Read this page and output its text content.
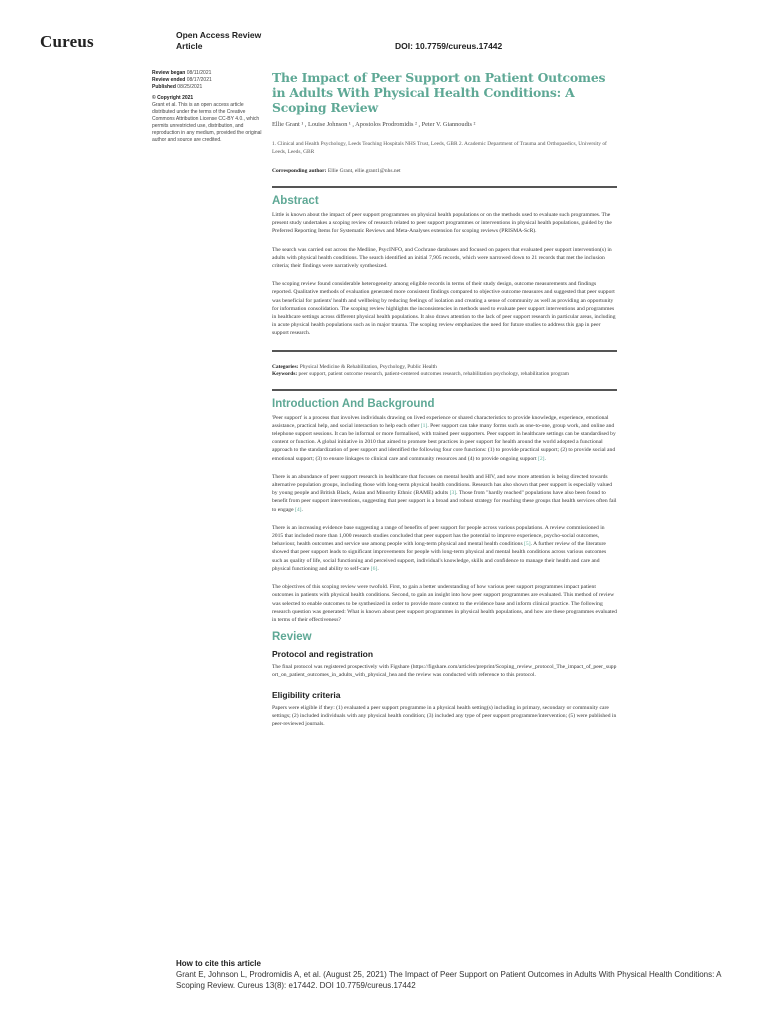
Cureus	Open Access Review
Article	DOI: 10.7759/cureus.17442
Review began 08/11/2021
Review ended 08/17/2021
Published 08/25/2021
© Copyright 2021
Grant et al. This is an open access article distributed under the terms of the Creative Commons Attribution License CC-BY 4.0., which permits unrestricted use, distribution, and reproduction in any medium, provided the original author and source are credited.
The Impact of Peer Support on Patient Outcomes in Adults With Physical Health Conditions: A Scoping Review
Ellie Grant ¹ , Louise Johnson ¹ , Apostolos Prodromidis ² , Peter V. Giannoudis ²
1. Clinical and Health Psychology, Leeds Teaching Hospitals NHS Trust, Leeds, GBR 2. Academic Department of Trauma and Orthopaedics, University of Leeds, Leeds, GBR
Corresponding author: Ellie Grant, ellie.grant1@nhs.net
Abstract

Little is known about the impact of peer support programmes on physical health populations or on the methods used to evaluate such programmes. The present study undertakes a scoping review of research related to peer support programmes or interventions in physical health populations, guided by the Preferred Reporting Items for Systematic Reviews and Meta-Analyses extension for scoping reviews (PRISMA-ScR).

The search was carried out across the Medline, PsycINFO, and Cochrane databases and focused on papers that evaluated peer support intervention(s) in adults with physical health conditions. The search identified an initial 7,905 records, which were narrowed down to 21 records that met the inclusion criteria; their findings were narratively synthesized.

The scoping review found considerable heterogeneity among eligible records in terms of their study design, outcome measurements and findings reported. Qualitative methods of evaluation generated more consistent findings compared to objective outcome measures and suggested that peer support was beneficial for patients' health and wellbeing by reducing feelings of isolation and creating a sense of community as well as providing an opportunity for information consolidation. The scoping review highlights the inconsistencies in methods used to evaluate peer support interventions and programmes in healthcare settings across different physical health populations. It also draws attention to the lack of peer support research in particular areas, including in acute physical health populations such as in major trauma. The scoping review emphasizes the need for future studies to address this gap in peer support research.

Categories: Physical Medicine & Rehabilitation, Psychology, Public Health
Keywords: peer support, patient outcome research, patient-centered outcomes research, rehabilitation psychology, rehabilitation program
Introduction And Background

'Peer support' is a process that involves individuals drawing on lived experience or shared characteristics to provide knowledge, experience, emotional assistance, practical help, and social interaction to help each other [1]. Peer support can take many forms such as one-to-one, group work, and online and telephone support sessions. It can be informal or more formalised, with trained peer supporters. Peer support in healthcare settings can be standardised by content or function. A global initiative in 2010 that aimed to promote best practices in peer support for health around the world adopted a functional approach to the standardization of peer support and identified the following four core functions: (1) to provide practical support; (2) to provide social and emotional support; (3) to ensure linkages to clinical care and community resources and (4) to provide ongoing support [2].

There is an abundance of peer support research in healthcare that focuses on mental health and HIV, and now more attention is being directed towards alternative population groups, including those with long-term physical health conditions. Research has also shown that peer support is especially valued by young people and British Black, Asian and Minority Ethnic (BAME) adults [3]. Those from "hardly reached" populations have also been found to benefit from peer support interventions, suggesting that peer support is a broad and robust strategy for reaching these groups that health services often fail to engage [4].

There is an increasing evidence base suggesting a range of benefits of peer support for people across various populations. A review commissioned in 2015 that included more than 1,000 research studies concluded that peer support has the potential to improve experience, psycho-social outcomes, behaviour, health outcomes and service use among people with long-term physical and mental health conditions [5]. A further review of the literature showed that peer support leads to significant improvements for people with long-term physical and mental health conditions across various outcomes such as quality of life, social functioning and perceived support, individual's knowledge, skills and confidence to manage their health and care and physical functioning and ability to self-care [6].

The objectives of this scoping review were twofold. First, to gain a better understanding of how various peer support programmes impact patient outcomes in patients with physical health conditions. Second, to gain an insight into how peer support programmes are evaluated. This method of review was selected to enable outcomes to be synthesized in order to provide more context to the evidence base and inform clinical practice. The following research question was generated: What is known about peer support programmes in physical health populations, and how are these programmes evaluated in terms of their effectiveness?

Review
Protocol and registration

The final protocol was registered prospectively with Figshare (https://figshare.com/articles/preprint/Scoping_review_protocol_The_impact_of_peer_support_on_patient_outcomes_in_adults_with_physical_hea and the review was conducted with reference to this protocol.

Eligibility criteria

Papers were eligible if they: (1) evaluated a peer support programme in a physical health setting(s) including in primary, secondary or community care settings; (2) included individuals with any physical health condition; (3) included any type of peer support programme/intervention; (5) were published in peer-reviewed journals.

How to cite this article
Grant E, Johnson L, Prodromidis A, et al. (August 25, 2021) The Impact of Peer Support on Patient Outcomes in Adults With Physical Health Conditions: A Scoping Review. Cureus 13(8): e17442. DOI 10.7759/cureus.17442
